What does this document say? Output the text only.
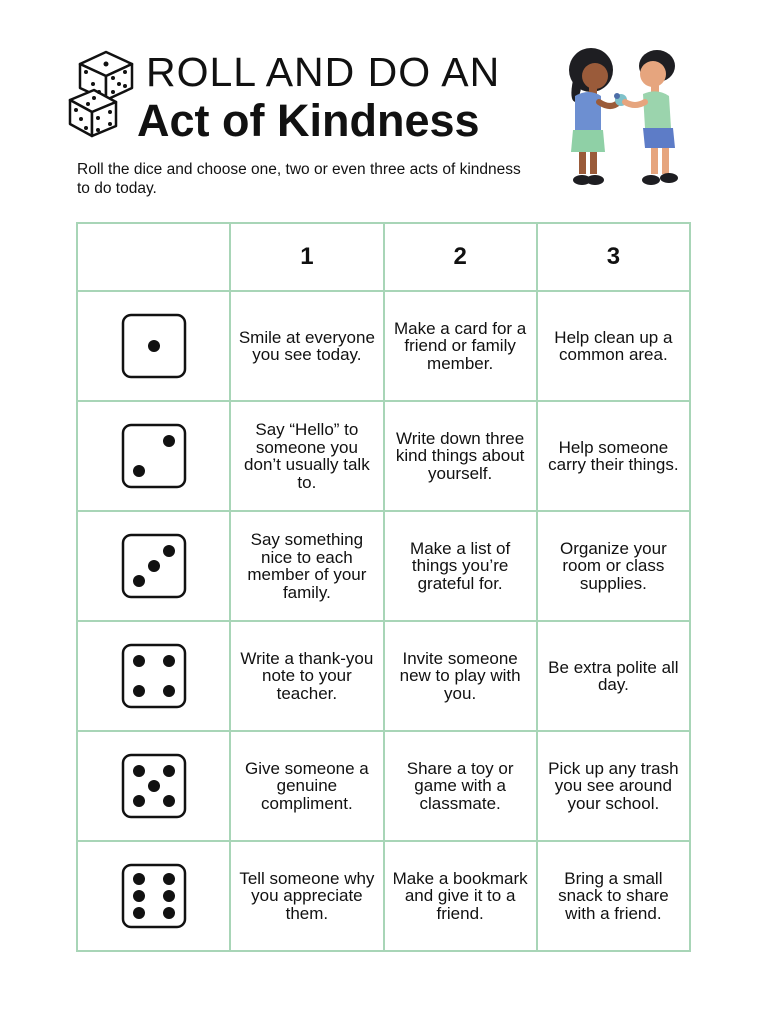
ROLL AND DO AN
Act of Kindness
Roll the dice and choose one, two or even three acts of kindness to do today.
	1	2	3

	Smile at everyone you see today.	Make a card for a friend or family member.	Help clean up a common area.

	Say “Hello” to someone you don’t usually talk to.	Write down three kind things about yourself.	Help someone carry their things.

	Say something nice to each member of your family.	Make a list of things you’re grateful for.	Organize your room or class supplies.

	Write a thank-you note to your teacher.	Invite someone new to play with you.	Be extra polite all day.

	Give someone a genuine compliment.	Share a toy or game with a classmate.	Pick up any trash you see around your school.

	Tell someone why you appreciate them.	Make a bookmark and give it to a friend.	Bring a small snack to share with a friend.
